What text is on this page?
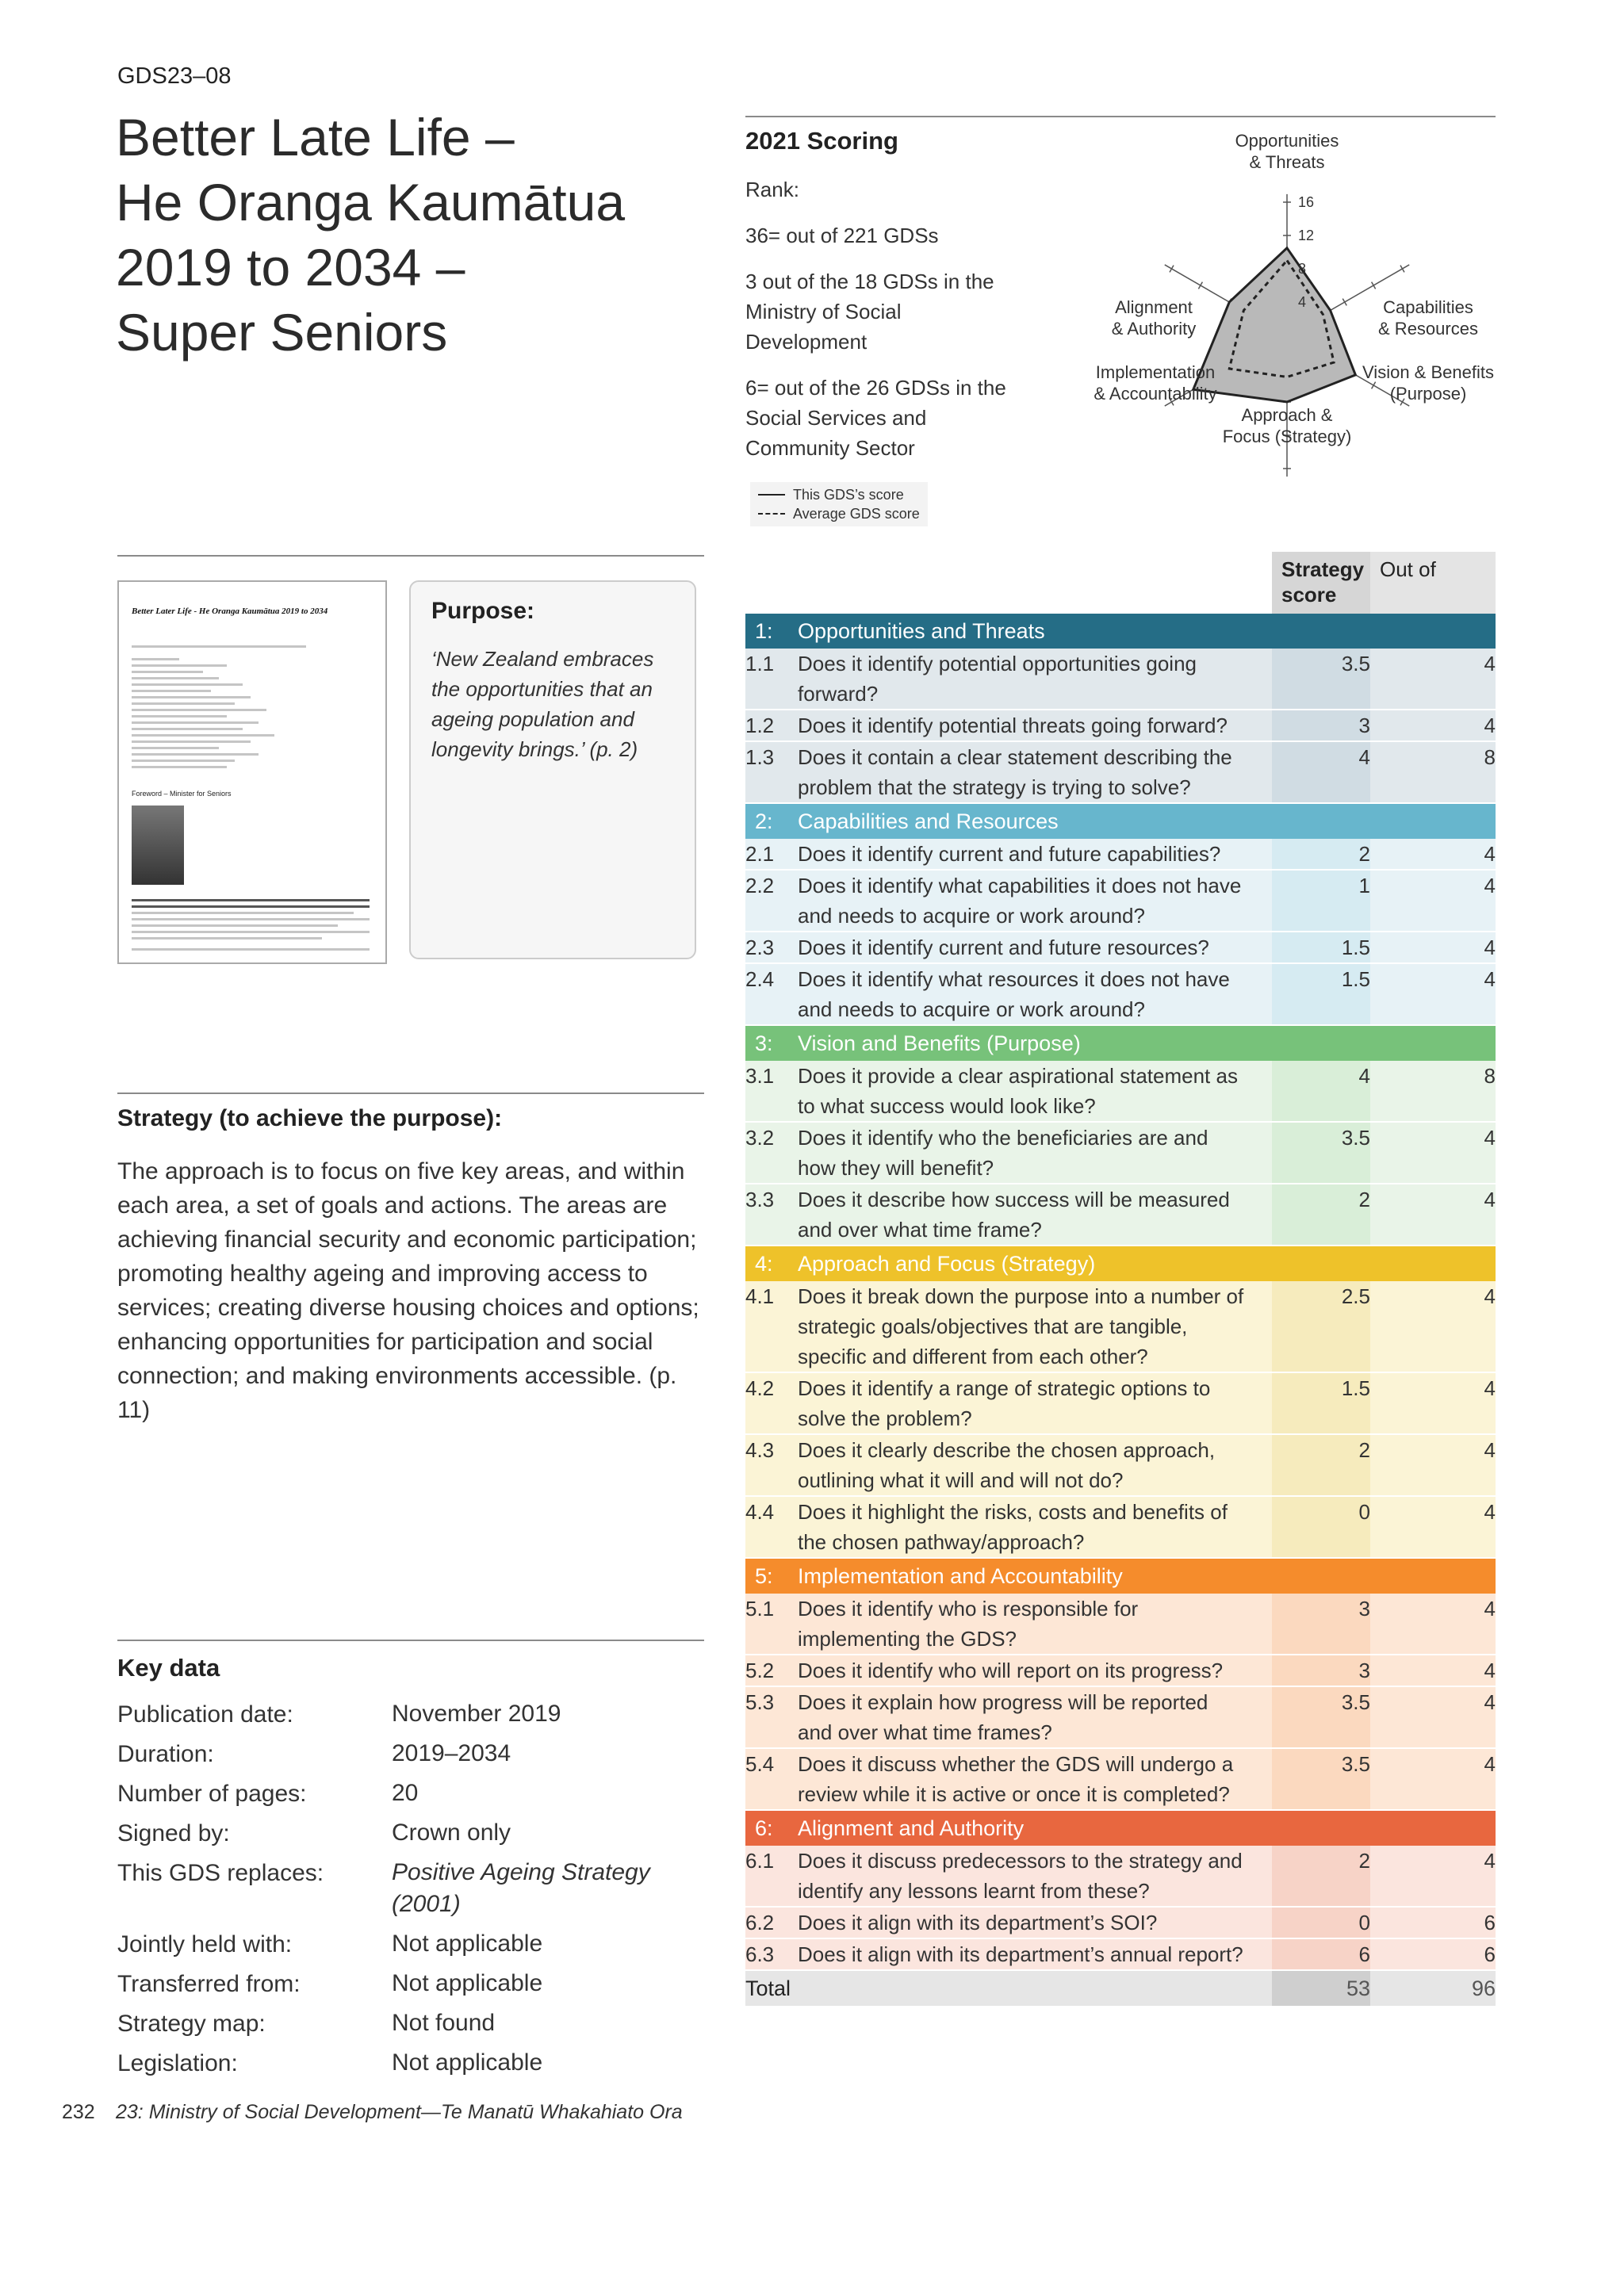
GDS23–08
Better Late Life –
He Oranga Kaumātua
2019 to 2034 –
Super Seniors
2021 Scoring
Rank:
36= out of 221 GDSs
3 out of the 18 GDSs in the Ministry of Social Development
6= out of the 26 GDSs in the Social Services and Community Sector
This GDS’s score
Average GDS score
4
8
12
16
Opportunities & Threats
Capabilities & Resources
Vision & Benefits (Purpose)
Approach & Focus (Strategy)
Implementation & Accountability
Alignment & Authority
Better Later Life - He Oranga Kaumātua 2019 to 2034
Foreword – Minister for Seniors
Purpose:
‘New Zealand embraces the opportunities that an ageing population and longevity brings.’ (p. 2)
Strategy (to achieve the purpose):
The approach is to focus on five key areas, and within each area, a set of goals and actions. The areas are achieving financial security and economic participation; promoting healthy ageing and improving access to services; creating diverse housing choices and options; enhancing opportunities for participation and social connection; and making environments accessible. (p. 11)
Key data
Publication date:	November 2019
Duration:	2019–2034
Number of pages:	20
Signed by:	Crown only
This GDS replaces:	Positive Ageing Strategy (2001)
Jointly held with:	Not applicable
Transferred from:	Not applicable
Strategy map:	Not found
Legislation:	Not applicable
			Strategy score	Out of
1:	Opportunities and Threats			
1.1	Does it identify potential opportunities going forward?		3.5	4
1.2	Does it identify potential threats going forward?		3	4
1.3	Does it contain a clear statement describing the problem that the strategy is trying to solve?		4	8
2:	Capabilities and Resources			
2.1	Does it identify current and future capabilities?		2	4
2.2	Does it identify what capabilities it does not have and needs to acquire or work around?		1	4
2.3	Does it identify current and future resources?		1.5	4
2.4	Does it identify what resources it does not have and needs to acquire or work around?		1.5	4
3:	Vision and Benefits (Purpose)			
3.1	Does it provide a clear aspirational statement as to what success would look like?		4	8
3.2	Does it identify who the beneficiaries are and how they will benefit?		3.5	4
3.3	Does it describe how success will be measured and over what time frame?		2	4
4:	Approach and Focus (Strategy)			
4.1	Does it break down the purpose into a number of strategic goals/objectives that are tangible, specific and different from each other?		2.5	4
4.2	Does it identify a range of strategic options to solve the problem?		1.5	4
4.3	Does it clearly describe the chosen approach, outlining what it will and will not do?		2	4
4.4	Does it highlight the risks, costs and benefits of the chosen pathway/approach?		0	4
5:	Implementation and Accountability			
5.1	Does it identify who is responsible for implementing the GDS?		3	4
5.2	Does it identify who will report on its progress?		3	4
5.3	Does it explain how progress will be reported and over what time frames?		3.5	4
5.4	Does it discuss whether the GDS will undergo a review while it is active or once it is completed?		3.5	4
6:	Alignment and Authority			
6.1	Does it discuss predecessors to the strategy and identify any lessons learnt from these?		2	4
6.2	Does it align with its department’s SOI?		0	6
6.3	Does it align with its department’s annual report?		6	6
Total			53	96
232 23: Ministry of Social Development—Te Manatū Whakahiato Ora
